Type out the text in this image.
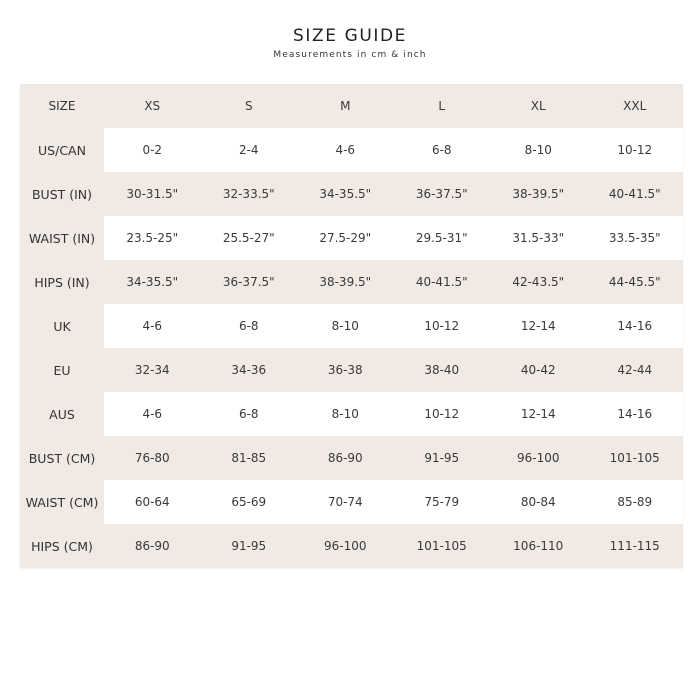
SIZE GUIDE
Measurements in cm & inch
SIZE	XS	S	M	L	XL	XXL
US/CAN	0-2	2-4	4-6	6-8	8-10	10-12
BUST (IN)	30-31.5"	32-33.5"	34-35.5"	36-37.5"	38-39.5"	40-41.5"
WAIST (IN)	23.5-25"	25.5-27"	27.5-29"	29.5-31"	31.5-33"	33.5-35"
HIPS (IN)	34-35.5"	36-37.5"	38-39.5"	40-41.5"	42-43.5"	44-45.5"
UK	4-6	6-8	8-10	10-12	12-14	14-16
EU	32-34	34-36	36-38	38-40	40-42	42-44
AUS	4-6	6-8	8-10	10-12	12-14	14-16
BUST (CM)	76-80	81-85	86-90	91-95	96-100	101-105
WAIST (CM)	60-64	65-69	70-74	75-79	80-84	85-89
HIPS (CM)	86-90	91-95	96-100	101-105	106-110	111-115
